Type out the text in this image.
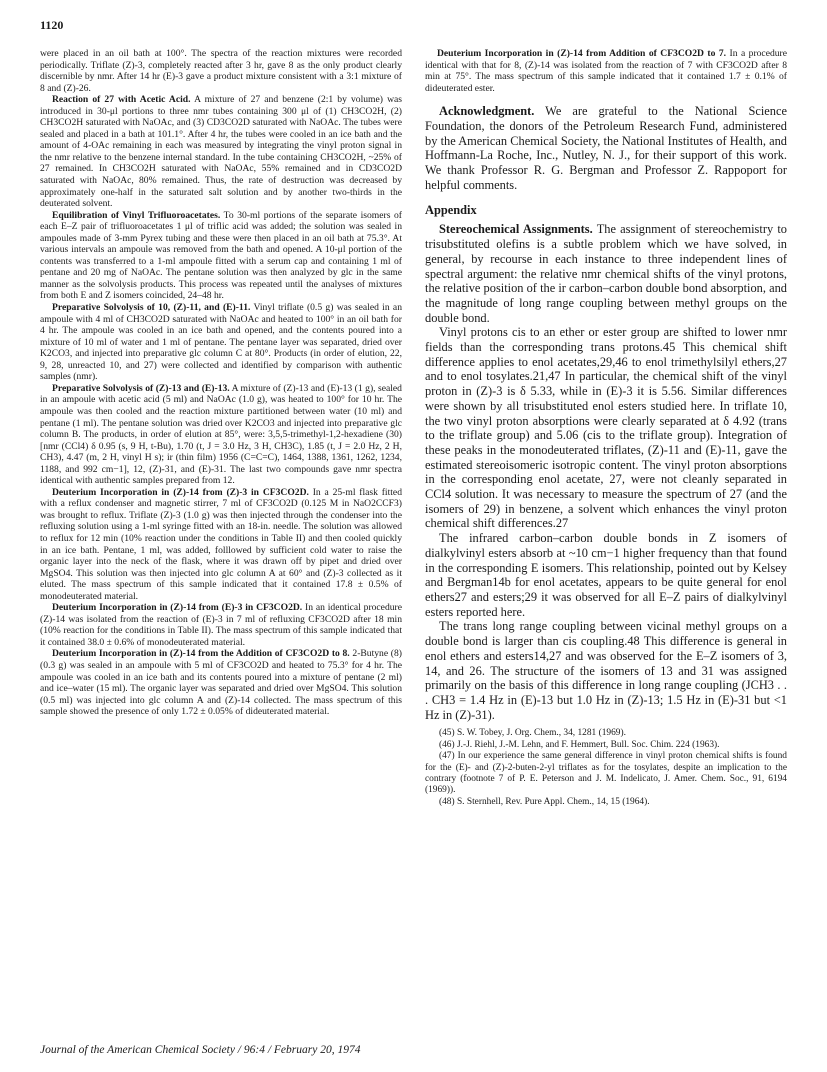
1120

were placed in an oil bath at 100°. The spectra of the reaction mixtures were recorded periodically. Triflate (Z)-3, completely reacted after 3 hr, gave 8 as the only product clearly discernible by nmr. After 14 hr (E)-3 gave a product mixture consistent with a 3:1 mixture of 8 and (Z)-26.

Reaction of 27 with Acetic Acid. A mixture of 27 and benzene (2:1 by volume) was introduced in 30-μl portions to three nmr tubes containing 300 μl of (1) CH3CO2H, (2) CH3CO2H saturated with NaOAc, and (3) CD3CO2D saturated with NaOAc. The tubes were sealed and placed in a bath at 101.1°. After 4 hr, the tubes were cooled in an ice bath and the amount of 4-OAc remaining in each was measured by integrating the vinyl proton signal in the nmr relative to the benzene internal standard. In the tube containing CH3CO2H, ~25% of 27 remained. In CH3CO2H saturated with NaOAc, 55% remained and in CD3CO2D saturated with NaOAc, 80% remained. Thus, the rate of destruction was decreased by approximately one-half in the saturated salt solution and by another two-thirds in the deuterated solvent.

Equilibration of Vinyl Trifluoroacetates. To 30-ml portions of the separate isomers of each E–Z pair of trifluoroacetates 1 μl of triflic acid was added; the solution was sealed in ampoules made of 3-mm Pyrex tubing and these were then placed in an oil bath at 75.3°. At various intervals an ampoule was removed from the bath and opened. A 10-μl portion of the contents was transferred to a 1-ml ampoule fitted with a serum cap and containing 1 ml of pentane and 20 mg of NaOAc. The pentane solution was then analyzed by glc in the same manner as the solvolysis products. This process was repeated until the analyses of mixtures from both E and Z isomers coincided, 24–48 hr.

Preparative Solvolysis of 10, (Z)-11, and (E)-11. Vinyl triflate (0.5 g) was sealed in an ampoule with 4 ml of CH3CO2D saturated with NaOAc and heated to 100° in an oil bath for 4 hr. The ampoule was cooled in an ice bath and opened, and the contents poured into a mixture of 10 ml of water and 1 ml of pentane. The pentane layer was separated, dried over K2CO3, and injected into preparative glc column C at 80°. Products (in order of elution, 22, 9, 28, unreacted 10, and 27) were collected and identified by comparison with authentic samples (nmr).

Preparative Solvolysis of (Z)-13 and (E)-13. A mixture of (Z)-13 and (E)-13 (1 g), sealed in an ampoule with acetic acid (5 ml) and NaOAc (1.0 g), was heated to 100° for 10 hr. The ampoule was then cooled and the reaction mixture partitioned between water (10 ml) and pentane (1 ml). The pentane solution was dried over K2CO3 and injected into preparative glc column B. The products, in order of elution at 85°, were: 3,5,5-trimethyl-1,2-hexadiene (30) [nmr (CCl4) δ 0.95 (s, 9 H, t-Bu), 1.70 (t, J = 3.0 Hz, 3 H, CH3C), 1.85 (t, J = 2.0 Hz, 2 H, CH3), 4.47 (m, 2 H, vinyl H s); ir (thin film) 1956 (C=C=C), 1464, 1388, 1361, 1262, 1234, 1188, and 992 cm−1], 12, (Z)-31, and (E)-31. The last two compounds gave nmr spectra identical with authentic samples prepared from 12.

Deuterium Incorporation in (Z)-14 from (Z)-3 in CF3CO2D. In a 25-ml flask fitted with a reflux condenser and magnetic stirrer, 7 ml of CF3CO2D (0.125 M in NaO2CCF3) was brought to reflux. Triflate (Z)-3 (1.0 g) was then injected through the condenser into the refluxing solution using a 1-ml syringe fitted with an 18-in. needle. The solution was allowed to reflux for 12 min (10% reaction under the conditions in Table II) and then cooled quickly in an ice bath. Pentane, 1 ml, was added, folllowed by sufficient cold water to raise the organic layer into the neck of the flask, where it was drawn off by pipet and dried over MgSO4. This solution was then injected into glc column A at 60° and (Z)-3 collected as it eluted. The mass spectrum of this sample indicated that it contained 17.8 ± 0.5% of monodeuterated material.

Deuterium Incorporation in (Z)-14 from (E)-3 in CF3CO2D. In an identical procedure (Z)-14 was isolated from the reaction of (E)-3 in 7 ml of refluxing CF3CO2D after 18 min (10% reaction for the conditions in Table II). The mass spectrum of this sample indicated that it contained 38.0 ± 0.6% of monodeuterated material.

Deuterium Incorporation in (Z)-14 from the Addition of CF3CO2D to 8. 2-Butyne (8) (0.3 g) was sealed in an ampoule with 5 ml of CF3CO2D and heated to 75.3° for 4 hr. The ampoule was cooled in an ice bath and its contents poured into a mixture of pentane (2 ml) and ice–water (15 ml). The organic layer was separated and dried over MgSO4. This solution (0.5 ml) was injected into glc column A and (Z)-14 collected. The mass spectrum of this sample showed the presence of only 1.72 ± 0.05% of dideuterated material.

Deuterium Incorporation in (Z)-14 from Addition of CF3CO2D to 7. In a procedure identical with that for 8, (Z)-14 was isolated from the reaction of 7 with CF3CO2D after 8 min at 75°. The mass spectrum of this sample indicated that it contained 1.7 ± 0.1% of dideuterated ester.

Acknowledgment. We are grateful to the National Science Foundation, the donors of the Petroleum Research Fund, administered by the American Chemical Society, the National Institutes of Health, and Hoffmann-La Roche, Inc., Nutley, N. J., for their support of this work. We thank Professor R. G. Bergman and Professor Z. Rappoport for helpful comments.

Appendix

Stereochemical Assignments. The assignment of stereochemistry to trisubstituted olefins is a subtle problem which we have solved, in general, by recourse in each instance to three independent lines of spectral argument: the relative nmr chemical shifts of the vinyl protons, the relative position of the ir carbon–carbon double bond absorption, and the magnitude of long range coupling between methyl groups on the double bond.

Vinyl protons cis to an ether or ester group are shifted to lower nmr fields than the corresponding trans protons.45 This chemical shift difference applies to enol acetates,29,46 to enol trimethylsilyl ethers,27 and to enol tosylates.21,47 In particular, the chemical shift of the vinyl proton in (Z)-3 is δ 5.33, while in (E)-3 it is 5.56. Similar differences were shown by all trisubstituted enol esters studied here. In triflate 10, the two vinyl proton absorptions were clearly separated at δ 4.92 (trans to the triflate group) and 5.06 (cis to the triflate group). Integration of these peaks in the monodeuterated triflates, (Z)-11 and (E)-11, gave the estimated stereoisomeric isotropic content. The vinyl proton absorptions in the corresponding enol acetate, 27, were not cleanly separated in CCl4 solution. It was necessary to measure the spectrum of 27 (and the isomers of 29) in benzene, a solvent which enhances the vinyl proton chemical shift differences.27

The infrared carbon–carbon double bonds in Z isomers of dialkylvinyl esters absorb at ~10 cm−1 higher frequency than that found in the corresponding E isomers. This relationship, pointed out by Kelsey and Bergman14b for enol acetates, appears to be quite general for enol ethers27 and esters;29 it was observed for all E–Z pairs of dialkylvinyl esters reported here.

The trans long range coupling between vicinal methyl groups on a double bond is larger than cis coupling.48 This difference is general in enol ethers and esters14,27 and was observed for the E–Z isomers of 3, 14, and 26. The structure of the isomers of 13 and 31 was assigned primarily on the basis of this difference in long range coupling (JCH3 . . . CH3 = 1.4 Hz in (E)-13 but 1.0 Hz in (Z)-13; 1.5 Hz in (E)-31 but <1 Hz in (Z)-31).

(45) S. W. Tobey, J. Org. Chem., 34, 1281 (1969).

(46) J.-J. Riehl, J.-M. Lehn, and F. Hemmert, Bull. Soc. Chim. 224 (1963).

(47) In our experience the same general difference in vinyl proton chemical shifts is found for the (E)- and (Z)-2-buten-2-yl triflates as for the tosylates, despite an implication to the contrary (footnote 7 of P. E. Peterson and J. M. Indelicato, J. Amer. Chem. Soc., 91, 6194 (1969)).

(48) S. Sternhell, Rev. Pure Appl. Chem., 14, 15 (1964).

Journal of the American Chemical Society / 96:4 / February 20, 1974
